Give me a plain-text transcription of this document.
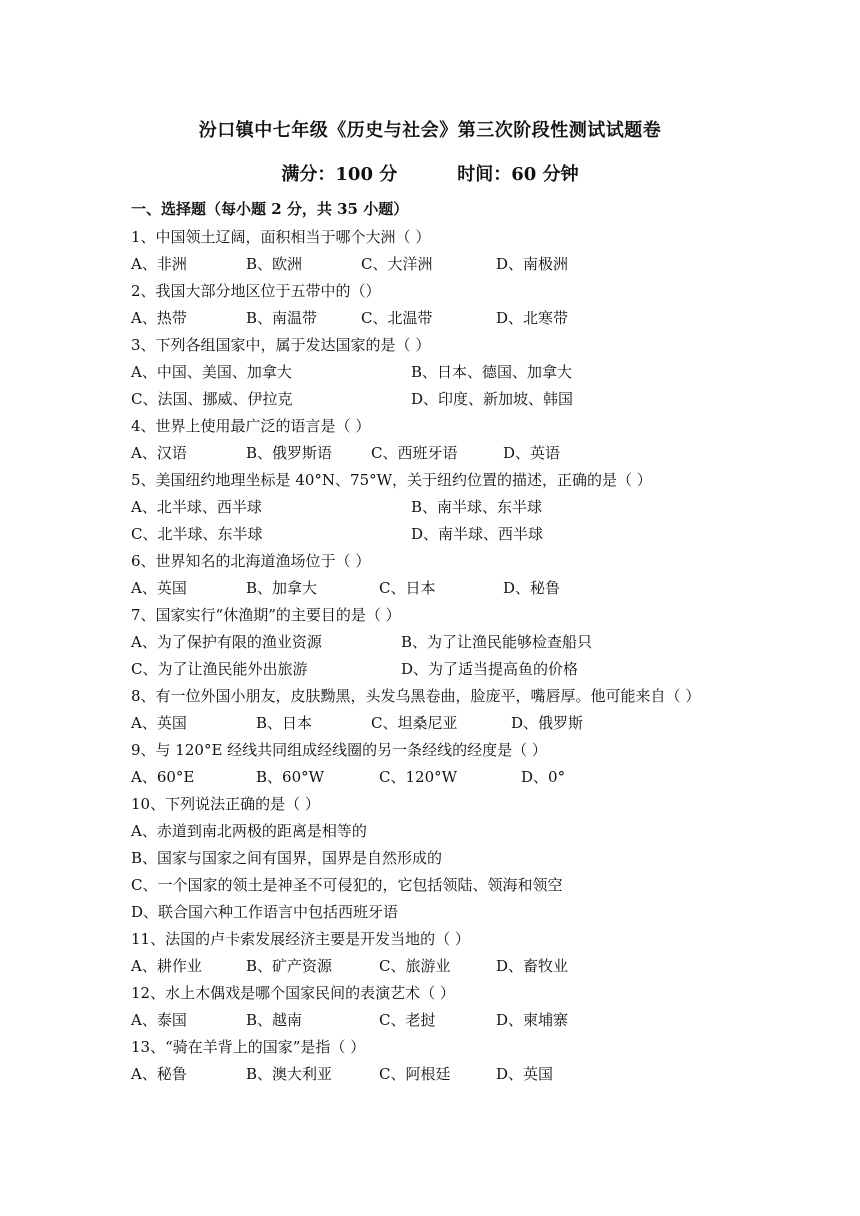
汾口镇中七年级《历史与社会》第三次阶段性测试试题卷
满分：100 分	时间：60 分钟
一、选择题（每小题 2 分，共 35 小题）
1、中国领土辽阔，面积相当于哪个大洲（ ）
A、非洲	B、欧洲	C、大洋洲	D、南极洲
2、我国大部分地区位于五带中的（）
A、热带	B、南温带	C、北温带	D、北寒带
3、下列各组国家中，属于发达国家的是（ ）
A、中国、美国、加拿大	B、日本、德国、加拿大
C、法国、挪威、伊拉克	D、印度、新加坡、韩国
4、世界上使用最广泛的语言是（ ）
A、汉语	B、俄罗斯语	C、西班牙语	D、英语
5、美国纽约地理坐标是 40°N、75°W，关于纽约位置的描述，正确的是（ ）
A、北半球、西半球	B、南半球、东半球
C、北半球、东半球	D、南半球、西半球
6、世界知名的北海道渔场位于（ ）
A、英国	B、加拿大	C、日本	D、秘鲁
7、国家实行“休渔期”的主要目的是（ ）
A、为了保护有限的渔业资源	B、为了让渔民能够检查船只
C、为了让渔民能外出旅游	D、为了适当提高鱼的价格
8、有一位外国小朋友，皮肤黝黑，头发乌黑卷曲，脸庞平，嘴唇厚。他可能来自（ ）
A、英国	B、日本	C、坦桑尼亚	D、俄罗斯
9、与 120°E 经线共同组成经线圈的另一条经线的经度是（ ）
A、60°E	B、60°W	C、120°W	D、0°
10、下列说法正确的是（ ）
A、赤道到南北两极的距离是相等的
B、国家与国家之间有国界，国界是自然形成的
C、一个国家的领土是神圣不可侵犯的，它包括领陆、领海和领空
D、联合国六种工作语言中包括西班牙语
11、法国的卢卡索发展经济主要是开发当地的（ ）
A、耕作业	B、矿产资源	C、旅游业	D、畜牧业
12、水上木偶戏是哪个国家民间的表演艺术（ ）
A、泰国	B、越南	C、老挝	D、柬埔寨
13、“骑在羊背上的国家”是指（ ）
A、秘鲁	B、澳大利亚	C、阿根廷	D、英国
